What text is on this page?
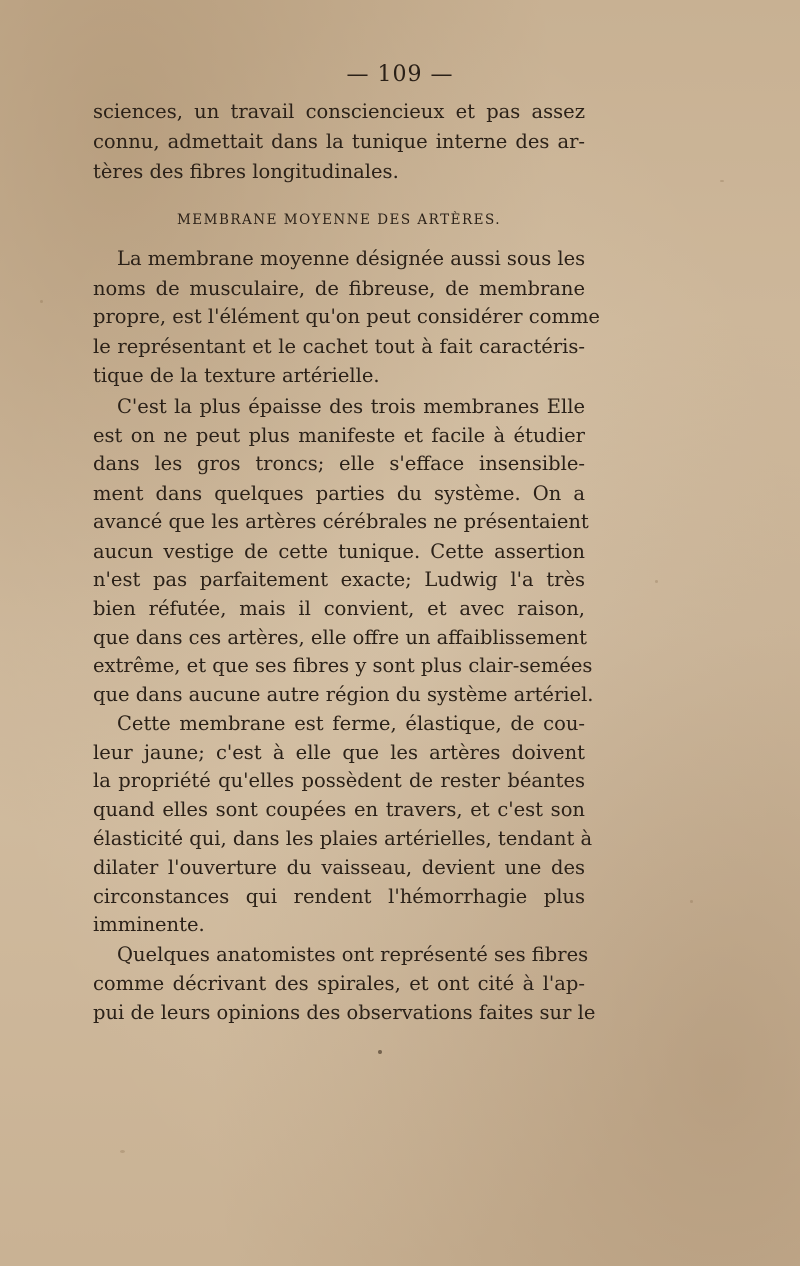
— 109 —
sciences, un travail consciencieux et pas assez
connu, admettait dans la tunique interne des ar-
tères des fibres longitudinales.
MEMBRANE MOYENNE DES ARTÈRES.
La membrane moyenne désignée aussi sous les
noms de musculaire, de fibreuse, de membrane
propre, est l'élément qu'on peut considérer comme
le représentant et le cachet tout à fait caractéris-
tique de la texture artérielle.
C'est la plus épaisse des trois membranes Elle
est on ne peut plus manifeste et facile à étudier
dans les gros troncs; elle s'efface insensible-
ment dans quelques parties du système. On a
avancé que les artères cérébrales ne présentaient
aucun vestige de cette tunique. Cette assertion
n'est pas parfaitement exacte; Ludwig l'a très
bien réfutée, mais il convient, et avec raison,
que dans ces artères, elle offre un affaiblissement
extrême, et que ses fibres y sont plus clair-semées
que dans aucune autre région du système artériel.
Cette membrane est ferme, élastique, de cou-
leur jaune; c'est à elle que les artères doivent
la propriété qu'elles possèdent de rester béantes
quand elles sont coupées en travers, et c'est son
élasticité qui, dans les plaies artérielles, tendant à
dilater l'ouverture du vaisseau, devient une des
circonstances qui rendent l'hémorrhagie plus
imminente.
Quelques anatomistes ont représenté ses fibres
comme décrivant des spirales, et ont cité à l'ap-
pui de leurs opinions des observations faites sur le
